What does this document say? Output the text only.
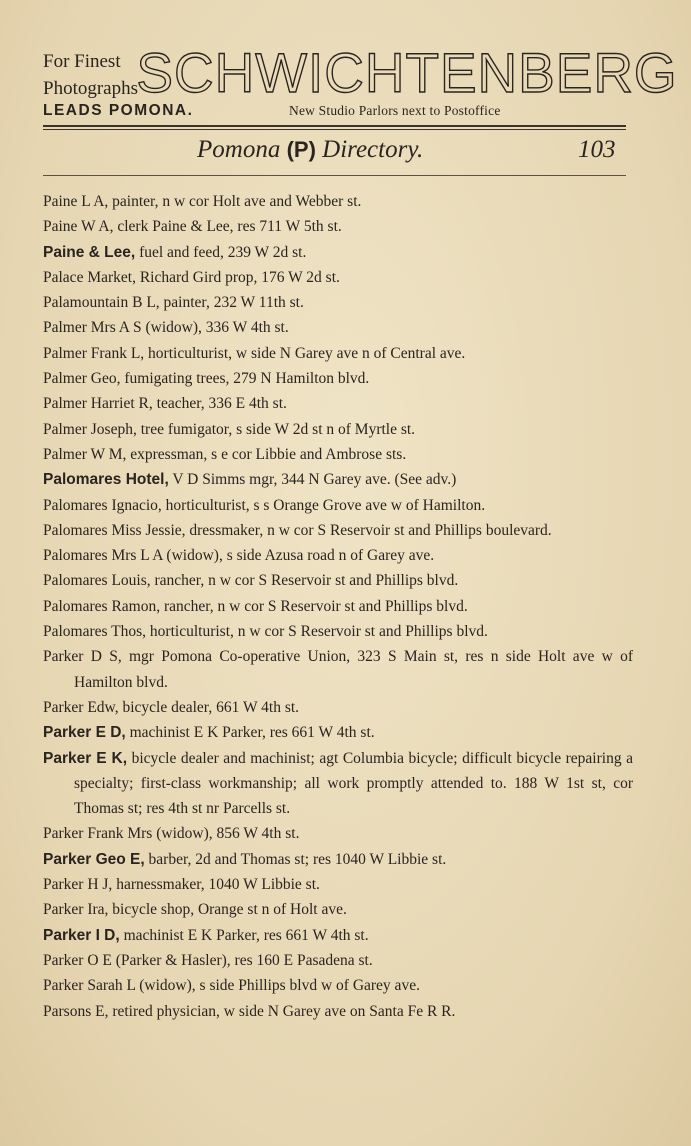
For Finest
Photographs
LEADS POMONA.
SCHWICHTENBERG
New Studio Parlors next to Postoffice
Pomona (P) Directory.	103
Paine L A, painter, n w cor Holt ave and Webber st.
Paine W A, clerk Paine & Lee, res 711 W 5th st.
Paine & Lee, fuel and feed, 239 W 2d st.
Palace Market, Richard Gird prop, 176 W 2d st.
Palamountain B L, painter, 232 W 11th st.
Palmer Mrs A S (widow), 336 W 4th st.
Palmer Frank L, horticulturist, w side N Garey ave n of Central ave.
Palmer Geo, fumigating trees, 279 N Hamilton blvd.
Palmer Harriet R, teacher, 336 E 4th st.
Palmer Joseph, tree fumigator, s side W 2d st n of Myrtle st.
Palmer W M, expressman, s e cor Libbie and Ambrose sts.
Palomares Hotel, V D Simms mgr, 344 N Garey ave. (See adv.)
Palomares Ignacio, horticulturist, s s Orange Grove ave w of Hamilton.
Palomares Miss Jessie, dressmaker, n w cor S Reservoir st and Phillips boulevard.
Palomares Mrs L A (widow), s side Azusa road n of Garey ave.
Palomares Louis, rancher, n w cor S Reservoir st and Phillips blvd.
Palomares Ramon, rancher, n w cor S Reservoir st and Phillips blvd.
Palomares Thos, horticulturist, n w cor S Reservoir st and Phillips blvd.
Parker D S, mgr Pomona Co-operative Union, 323 S Main st, res n side Holt ave w of Hamilton blvd.
Parker Edw, bicycle dealer, 661 W 4th st.
Parker E D, machinist E K Parker, res 661 W 4th st.
Parker E K, bicycle dealer and machinist; agt Columbia bicycle; difficult bicycle repairing a specialty; first-class workmanship; all work promptly attended to. 188 W 1st st, cor Thomas st; res 4th st nr Parcells st.
Parker Frank Mrs (widow), 856 W 4th st.
Parker Geo E, barber, 2d and Thomas st; res 1040 W Libbie st.
Parker H J, harnessmaker, 1040 W Libbie st.
Parker Ira, bicycle shop, Orange st n of Holt ave.
Parker I D, machinist E K Parker, res 661 W 4th st.
Parker O E (Parker & Hasler), res 160 E Pasadena st.
Parker Sarah L (widow), s side Phillips blvd w of Garey ave.
Parsons E, retired physician, w side N Garey ave on Santa Fe R R.
